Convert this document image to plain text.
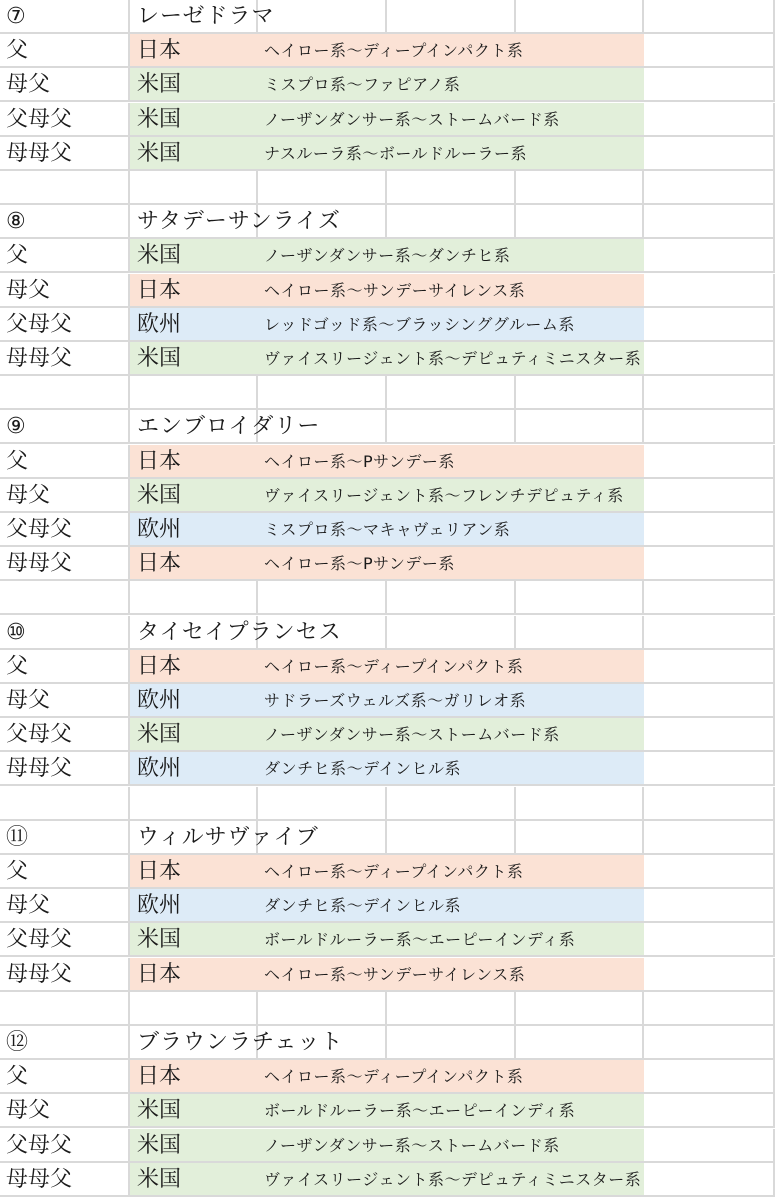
⑦	レーゼドラマ
父	日本	ヘイロー系～ディープインパクト系
母父	米国	ミスプロ系～ファピアノ系
父母父	米国	ノーザンダンサー系～ストームバード系
母母父	米国	ナスルーラ系～ボールドルーラー系
⑧	サタデーサンライズ
父	米国	ノーザンダンサー系～ダンチヒ系
母父	日本	ヘイロー系～サンデーサイレンス系
父母父	欧州	レッドゴッド系～ブラッシンググルーム系
母母父	米国	ヴァイスリージェント系～デピュティミニスター系
⑨	エンブロイダリー
父	日本	ヘイロー系～Pサンデー系
母父	米国	ヴァイスリージェント系～フレンチデピュティ系
父母父	欧州	ミスプロ系～マキャヴェリアン系
母母父	日本	ヘイロー系～Pサンデー系
⑩	タイセイプランセス
父	日本	ヘイロー系～ディープインパクト系
母父	欧州	サドラーズウェルズ系～ガリレオ系
父母父	米国	ノーザンダンサー系～ストームバード系
母母父	欧州	ダンチヒ系～デインヒル系
⑪	ウィルサヴァイブ
父	日本	ヘイロー系～ディープインパクト系
母父	欧州	ダンチヒ系～デインヒル系
父母父	米国	ボールドルーラー系～エーピーインディ系
母母父	日本	ヘイロー系～サンデーサイレンス系
⑫	ブラウンラチェット
父	日本	ヘイロー系～ディープインパクト系
母父	米国	ボールドルーラー系～エーピーインディ系
父母父	米国	ノーザンダンサー系～ストームバード系
母母父	米国	ヴァイスリージェント系～デピュティミニスター系
